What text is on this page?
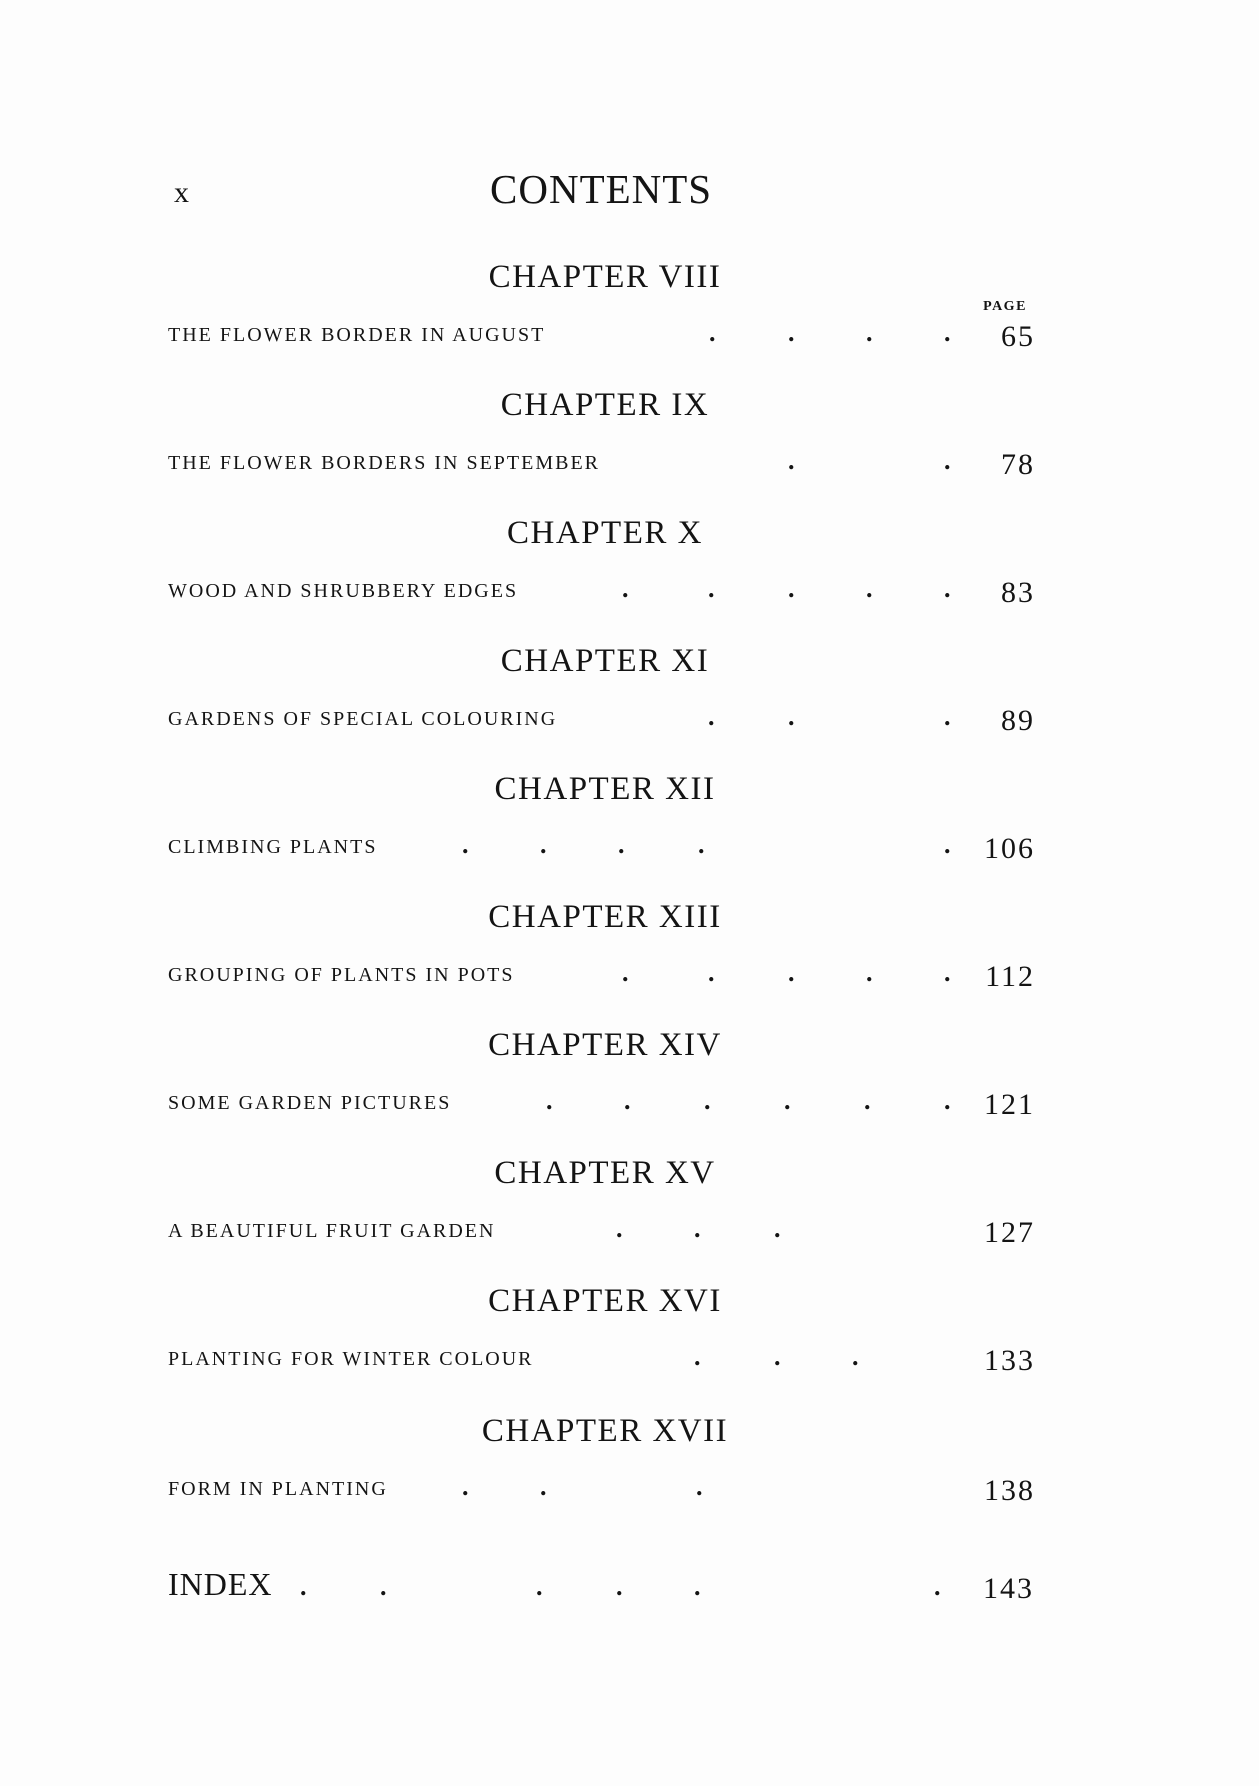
x	CONTENTS
PAGE
CHAPTER VIII
THE FLOWER BORDER IN AUGUST	.	.	.	. 65
CHAPTER IX
THE FLOWER BORDERS IN SEPTEMBER	.	. 78
CHAPTER X
WOOD AND SHRUBBERY EDGES	.	.	.	.	. 83
CHAPTER XI
GARDENS OF SPECIAL COLOURING	.	.	. 89
CHAPTER XII
CLIMBING PLANTS	.	.	.	.	. 106
CHAPTER XIII
GROUPING OF PLANTS IN POTS	.	.	.	.	. 112
CHAPTER XIV
SOME GARDEN PICTURES	.	.	.	.	.	. 121
CHAPTER XV
A BEAUTIFUL FRUIT GARDEN	.	.	.	127
CHAPTER XVI
PLANTING FOR WINTER COLOUR	.	.	.	133
CHAPTER XVII
FORM IN PLANTING	.	.	.	138
INDEX .	.	.	.	.	. 143
